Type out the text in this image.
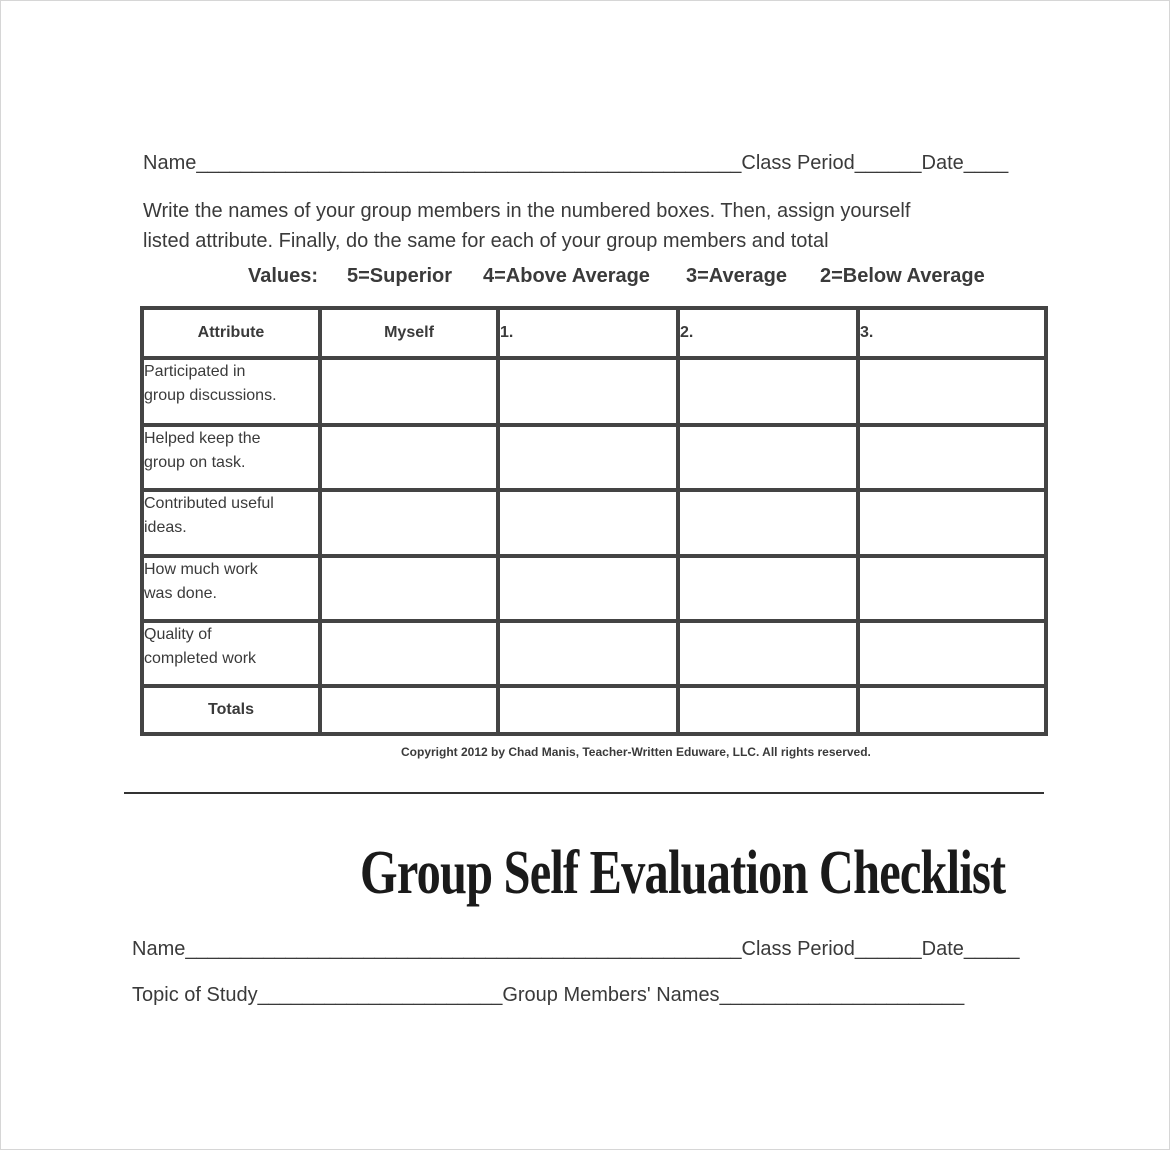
Name_________________________________________________Class Period______Date____
Write the names of your group members in the numbered boxes. Then, assign yourself
listed attribute. Finally, do the same for each of your group members and total
Values: 5=Superior 4=Above Average 3=Average 2=Below Average
Attribute	Myself	1.	2.	3.

Participated in
group discussions.				

Helped keep the
group on task.				

Contributed useful
ideas.				

How much work
was done.				

Quality of
completed work				

Totals				
Copyright 2012 by Chad Manis, Teacher-Written Eduware, LLC. All rights reserved.
Group Self Evaluation Checklist
Name__________________________________________________Class Period______Date_____
Topic of Study______________________Group Members' Names______________________
